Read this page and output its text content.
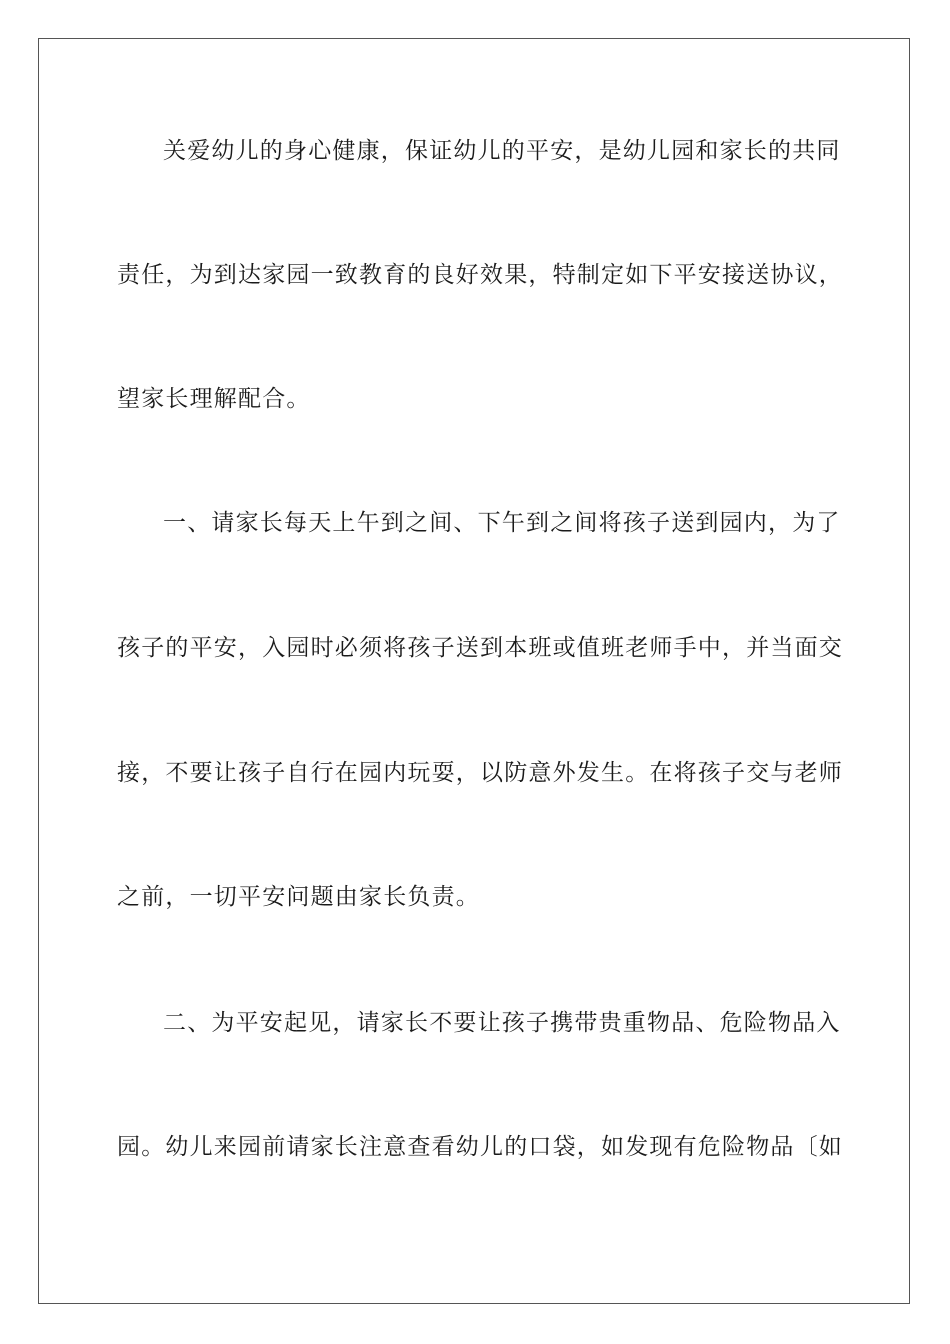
关爱幼儿的身心健康，保证幼儿的平安，是幼儿园和家长的共同
责任，为到达家园一致教育的良好效果，特制定如下平安接送协议，
望家长理解配合。
一、请家长每天上午到之间、下午到之间将孩子送到园内，为了
孩子的平安，入园时必须将孩子送到本班或值班老师手中，并当面交
接，不要让孩子自行在园内玩耍，以防意外发生。在将孩子交与老师
之前，一切平安问题由家长负责。
二、为平安起见，请家长不要让孩子携带贵重物品、危险物品入
园。幼儿来园前请家长注意查看幼儿的口袋，如发现有危险物品〔如
